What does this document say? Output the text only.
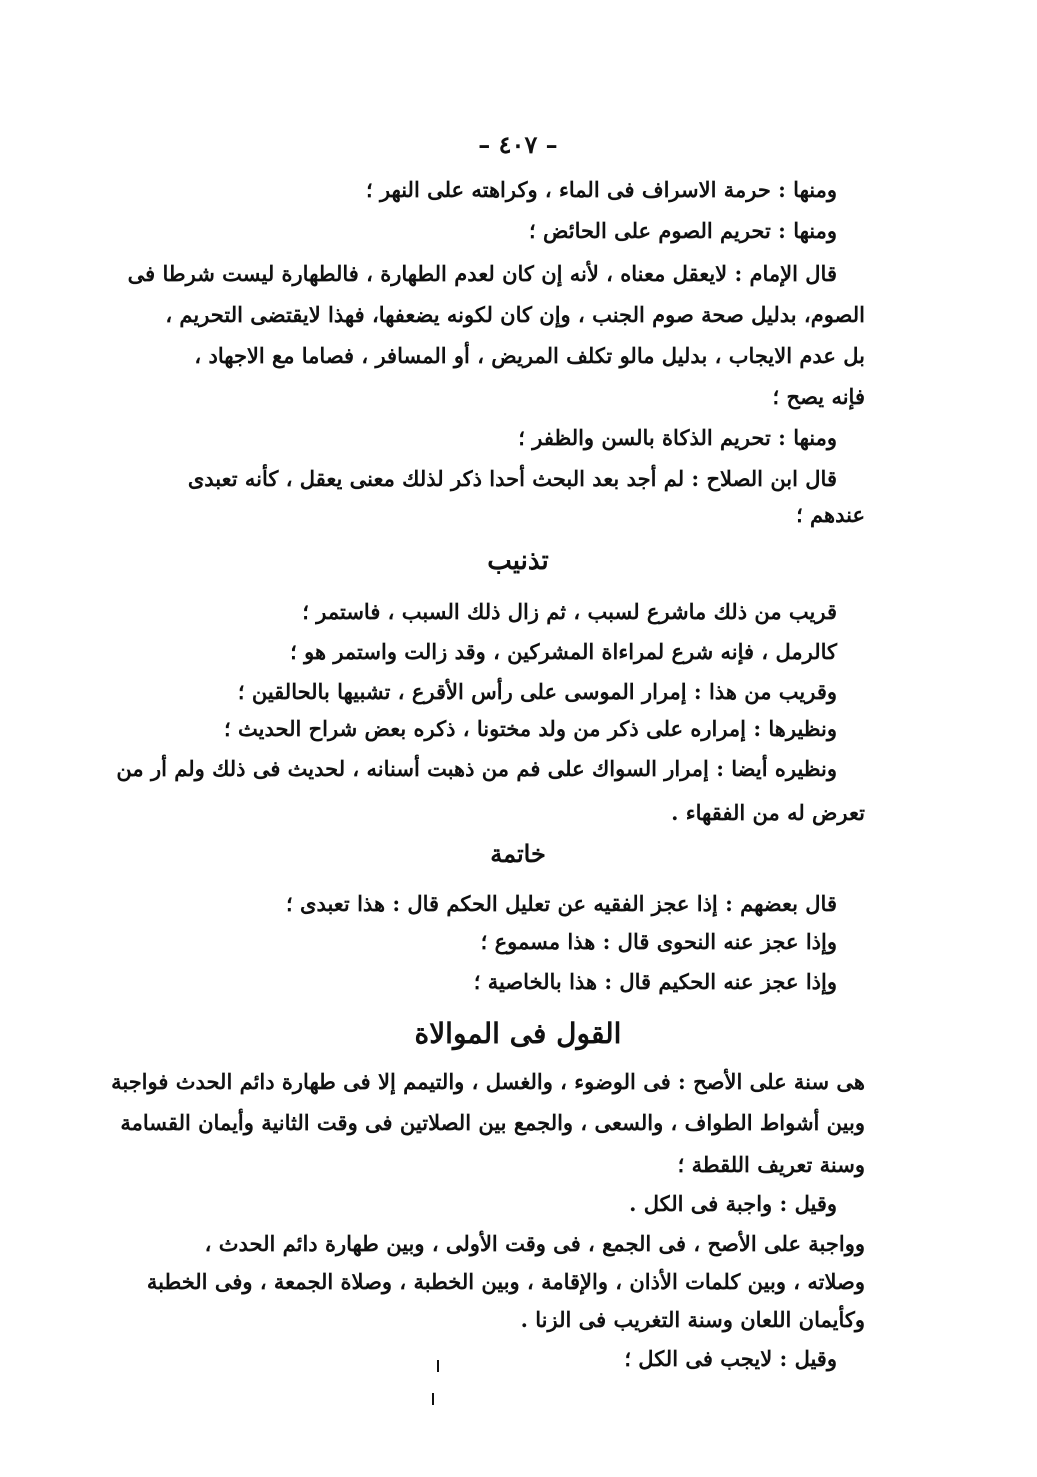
– ٤٠٧ –
ومنها : حرمة الاسراف فى الماء ، وكراهته على النهر ؛
ومنها : تحريم الصوم على الحائض ؛
قال الإمام : لايعقل معناه ، لأنه إن كان لعدم الطهارة ، فالطهارة ليست شرطا فى
الصوم، بدليل صحة صوم الجنب ، وإن كان لكونه يضعفها، فهذا لايقتضى التحريم ،
بل عدم الايجاب ، بدليل مالو تكلف المريض ، أو المسافر ، فصاما مع الاجهاد ،
فإنه يصح ؛
ومنها : تحريم الذكاة بالسن والظفر ؛
قال ابن الصلاح : لم أجد بعد البحث أحدا ذكر لذلك معنى يعقل ، كأنه تعبدى
عندهم ؛
تذنيب
قريب من ذلك ماشرع لسبب ، ثم زال ذلك السبب ، فاستمر ؛
كالرمل ، فإنه شرع لمراءاة المشركين ، وقد زالت واستمر هو ؛
وقريب من هذا : إمرار الموسى على رأس الأقرع ، تشبيها بالحالقين ؛
ونظيرها : إمراره على ذكر من ولد مختونا ، ذكره بعض شراح الحديث ؛
ونظيره أيضا : إمرار السواك على فم من ذهبت أسنانه ، لحديث فى ذلك ولم أر من
تعرض له من الفقهاء .
خاتمة
قال بعضهم : إذا عجز الفقيه عن تعليل الحكم قال : هذا تعبدى ؛
وإذا عجز عنه النحوى قال : هذا مسموع ؛
وإذا عجز عنه الحكيم قال : هذا بالخاصية ؛
القول فى الموالاة
هى سنة على الأصح : فى الوضوء ، والغسل ، والتيمم إلا فى طهارة دائم الحدث فواجبة
وبين أشواط الطواف ، والسعى ، والجمع بين الصلاتين فى وقت الثانية وأيمان القسامة
وسنة تعريف اللقطة ؛
وقيل : واجبة فى الكل .
وواجبة على الأصح ، فى الجمع ، فى وقت الأولى ، وبين طهارة دائم الحدث ،
وصلاته ، وبين كلمات الأذان ، والإقامة ، وبين الخطبة ، وصلاة الجمعة ، وفى الخطبة
وكأيمان اللعان وسنة التغريب فى الزنا .
وقيل : لايجب فى الكل ؛
